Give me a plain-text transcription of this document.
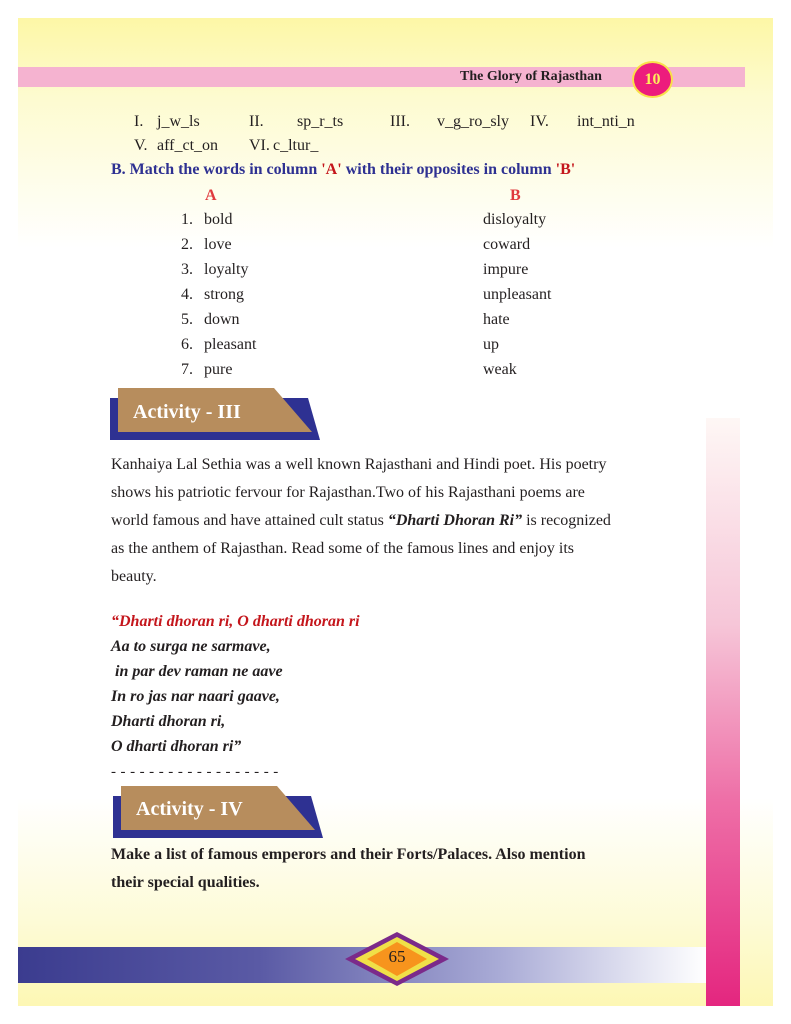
The Glory of Rajasthan	10
I. j_w_ls	II. sp_r_ts	III. v_g_ro_sly IV. int_nti_n
V. aff_ct_on VI. c_ltur_
B. Match the words in column 'A' with their opposites in column 'B'
A	B
1. bold	disloyalty
2. love	coward
3. loyalty	impure
4. strong	unpleasant
5. down	hate
6. pleasant	up
7. pure	weak
Activity - III
Kanhaiya Lal Sethia was a well known Rajasthani and Hindi poet. His poetry
shows his patriotic fervour for Rajasthan.Two of his Rajasthani poems are
world famous and have attained cult status “Dharti Dhoran Ri” is recognized
as the anthem of Rajasthan. Read some of the famous lines and enjoy its
beauty.
“Dharti dhoran ri, O dharti dhoran ri
Aa to surga ne sarmave,
in par dev raman ne aave
In ro jas nar naari gaave,
Dharti dhoran ri,
O dharti dhoran ri”
- - - - - - - - - - - - - - - - - -
Activity - IV
Make a list of famous emperors and their Forts/Palaces. Also mention
their special qualities.
65
